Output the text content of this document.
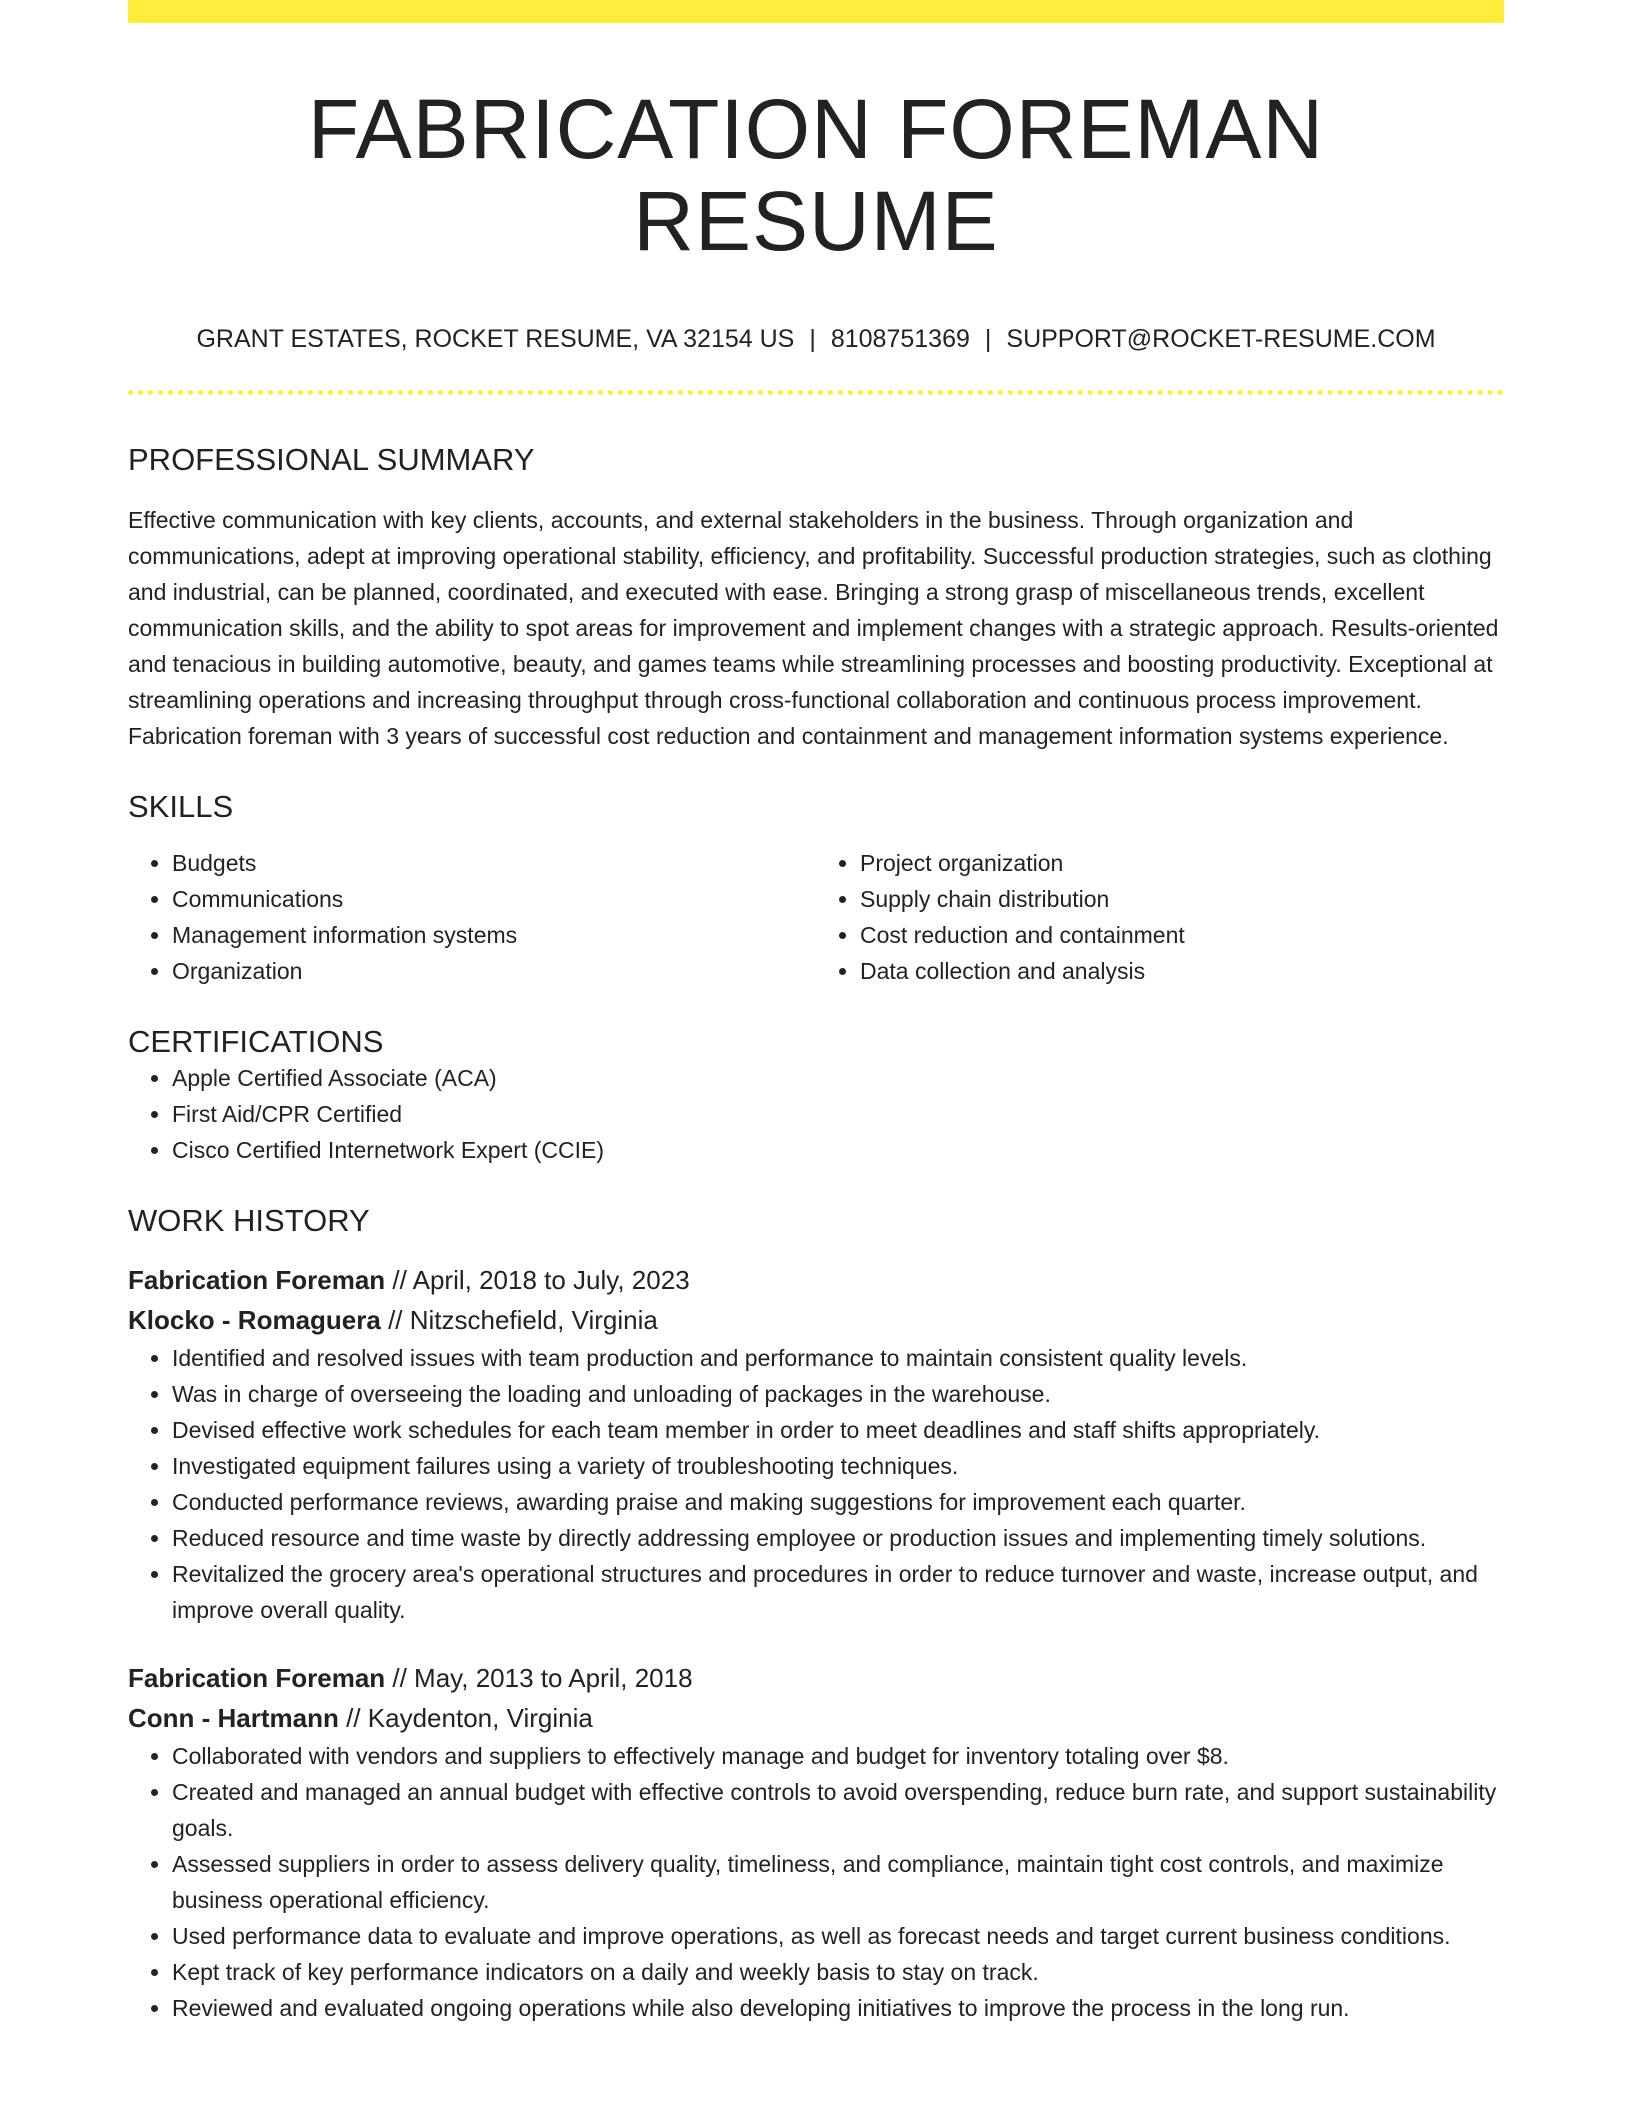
FABRICATION FOREMAN RESUME
GRANT ESTATES, ROCKET RESUME, VA 32154 US | 8108751369 | SUPPORT@ROCKET-RESUME.COM
PROFESSIONAL SUMMARY

Effective communication with key clients, accounts, and external stakeholders in the business. Through organization and communications, adept at improving operational stability, efficiency, and profitability. Successful production strategies, such as clothing and industrial, can be planned, coordinated, and executed with ease. Bringing a strong grasp of miscellaneous trends, excellent communication skills, and the ability to spot areas for improvement and implement changes with a strategic approach. Results-oriented and tenacious in building automotive, beauty, and games teams while streamlining processes and boosting productivity. Exceptional at streamlining operations and increasing throughput through cross-functional collaboration and continuous process improvement. Fabrication foreman with 3 years of successful cost reduction and containment and management information systems experience.

SKILLS
• Budgets
• Communications
• Management information systems
• Organization
• Project organization
• Supply chain distribution
• Cost reduction and containment
• Data collection and analysis
CERTIFICATIONS
• Apple Certified Associate (ACA)
• First Aid/CPR Certified
• Cisco Certified Internetwork Expert (CCIE)
WORK HISTORY
Fabrication Foreman // April, 2018 to July, 2023
Klocko - Romaguera // Nitzschefield, Virginia
• Identified and resolved issues with team production and performance to maintain consistent quality levels.
• Was in charge of overseeing the loading and unloading of packages in the warehouse.
• Devised effective work schedules for each team member in order to meet deadlines and staff shifts appropriately.
• Investigated equipment failures using a variety of troubleshooting techniques.
• Conducted performance reviews, awarding praise and making suggestions for improvement each quarter.
• Reduced resource and time waste by directly addressing employee or production issues and implementing timely solutions.
• Revitalized the grocery area's operational structures and procedures in order to reduce turnover and waste, increase output, and improve overall quality.
Fabrication Foreman // May, 2013 to April, 2018
Conn - Hartmann // Kaydenton, Virginia
• Collaborated with vendors and suppliers to effectively manage and budget for inventory totaling over $8.
• Created and managed an annual budget with effective controls to avoid overspending, reduce burn rate, and support sustainability goals.
• Assessed suppliers in order to assess delivery quality, timeliness, and compliance, maintain tight cost controls, and maximize business operational efficiency.
• Used performance data to evaluate and improve operations, as well as forecast needs and target current business conditions.
• Kept track of key performance indicators on a daily and weekly basis to stay on track.
• Reviewed and evaluated ongoing operations while also developing initiatives to improve the process in the long run.
